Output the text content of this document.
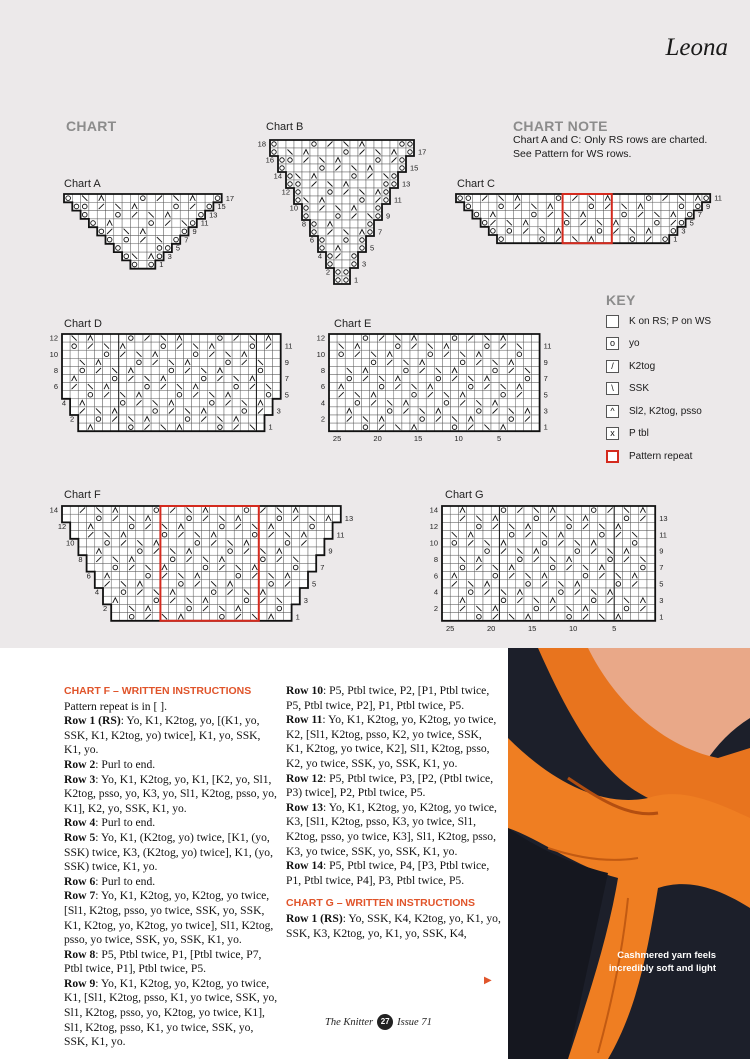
Leona
CHART	CHART NOTE
Chart A and C: Only RS rows are charted.
See Pattern for WS rows.
Chart A
Chart B
Chart C
Chart D	Chart E
Chart F	Chart G
1
3
5
7
9
11
13
15
17
1
3
5
7
9
11
13
15
17
2
4
6
8
10
12
14
16
18
1
3
5
7
9
11
1
3
5
7
9
11
2
4
6
8
10
12
1
3
5
7
9
11
2
4
6
8
10
12
25	20	15	10	5
1
3
5
7
9
11
13
2
4
6
8
10
12
14
1
3
5
7
9
11
13
2
4
6
8
10
12
14
25	20	15	10	5
KEY
K on RS; P on WS
o	yo
/	K2tog
\	SSK
^	Sl2, K2tog, psso
x	P tbl
Pattern repeat
CHART F – WRITTEN INSTRUCTIONS
Pattern repeat is in [ ].
Row 1 (RS): Yo, K1, K2tog, yo, [(K1, yo, SSK, K1, K2tog, yo) twice], K1, yo, SSK, K1, yo.
Row 2: Purl to end.
Row 3: Yo, K1, K2tog, yo, K1, [K2, yo, Sl1, K2tog, psso, yo, K3, yo, Sl1, K2tog, psso, yo, K1], K2, yo, SSK, K1, yo.
Row 4: Purl to end.
Row 5: Yo, K1, (K2tog, yo) twice, [K1, (yo, SSK) twice, K3, (K2tog, yo) twice], K1, (yo, SSK) twice, K1, yo.
Row 6: Purl to end.
Row 7: Yo, K1, K2tog, yo, K2tog, yo twice, [Sl1, K2tog, psso, yo twice, SSK, yo, SSK, K1, K2tog, yo, K2tog, yo twice], Sl1, K2tog, psso, yo twice, SSK, yo, SSK, K1, yo.
Row 8: P5, Ptbl twice, P1, [Ptbl twice, P7, Ptbl twice, P1], Ptbl twice, P5.
Row 9: Yo, K1, K2tog, yo, K2tog, yo twice, K1, [Sl1, K2tog, psso, K1, yo twice, SSK, yo, Sl1, K2tog, psso, yo, K2tog, yo twice, K1], Sl1, K2tog, psso, K1, yo twice, SSK, yo, SSK, K1, yo.
Row 10: P5, Ptbl twice, P2, [P1, Ptbl twice, P5, Ptbl twice, P2], P1, Ptbl twice, P5.
Row 11: Yo, K1, K2tog, yo, K2tog, yo twice, K2, [Sl1, K2tog, psso, K2, yo twice, SSK, K1, K2tog, yo twice, K2], Sl1, K2tog, psso, K2, yo twice, SSK, yo, SSK, K1, yo.
Row 12: P5, Ptbl twice, P3, [P2, (Ptbl twice, P3) twice], P2, Ptbl twice, P5.
Row 13: Yo, K1, K2tog, yo, K2tog, yo twice, K3, [Sl1, K2tog, psso, K3, yo twice, Sl1, K2tog, psso, yo twice, K3], Sl1, K2tog, psso, K3, yo twice, SSK, yo, SSK, K1, yo.
Row 14: P5, Ptbl twice, P4, [P3, Ptbl twice, P1, Ptbl twice, P4], P3, Ptbl twice, P5.
CHART G – WRITTEN INSTRUCTIONS
Row 1 (RS): Yo, SSK, K4, K2tog, yo, K1, yo, SSK, K3, K2tog, yo, K1, yo, SSK, K4,
▶
Cashmered yarn feels incredibly soft and light
The Knitter 27 Issue 71
